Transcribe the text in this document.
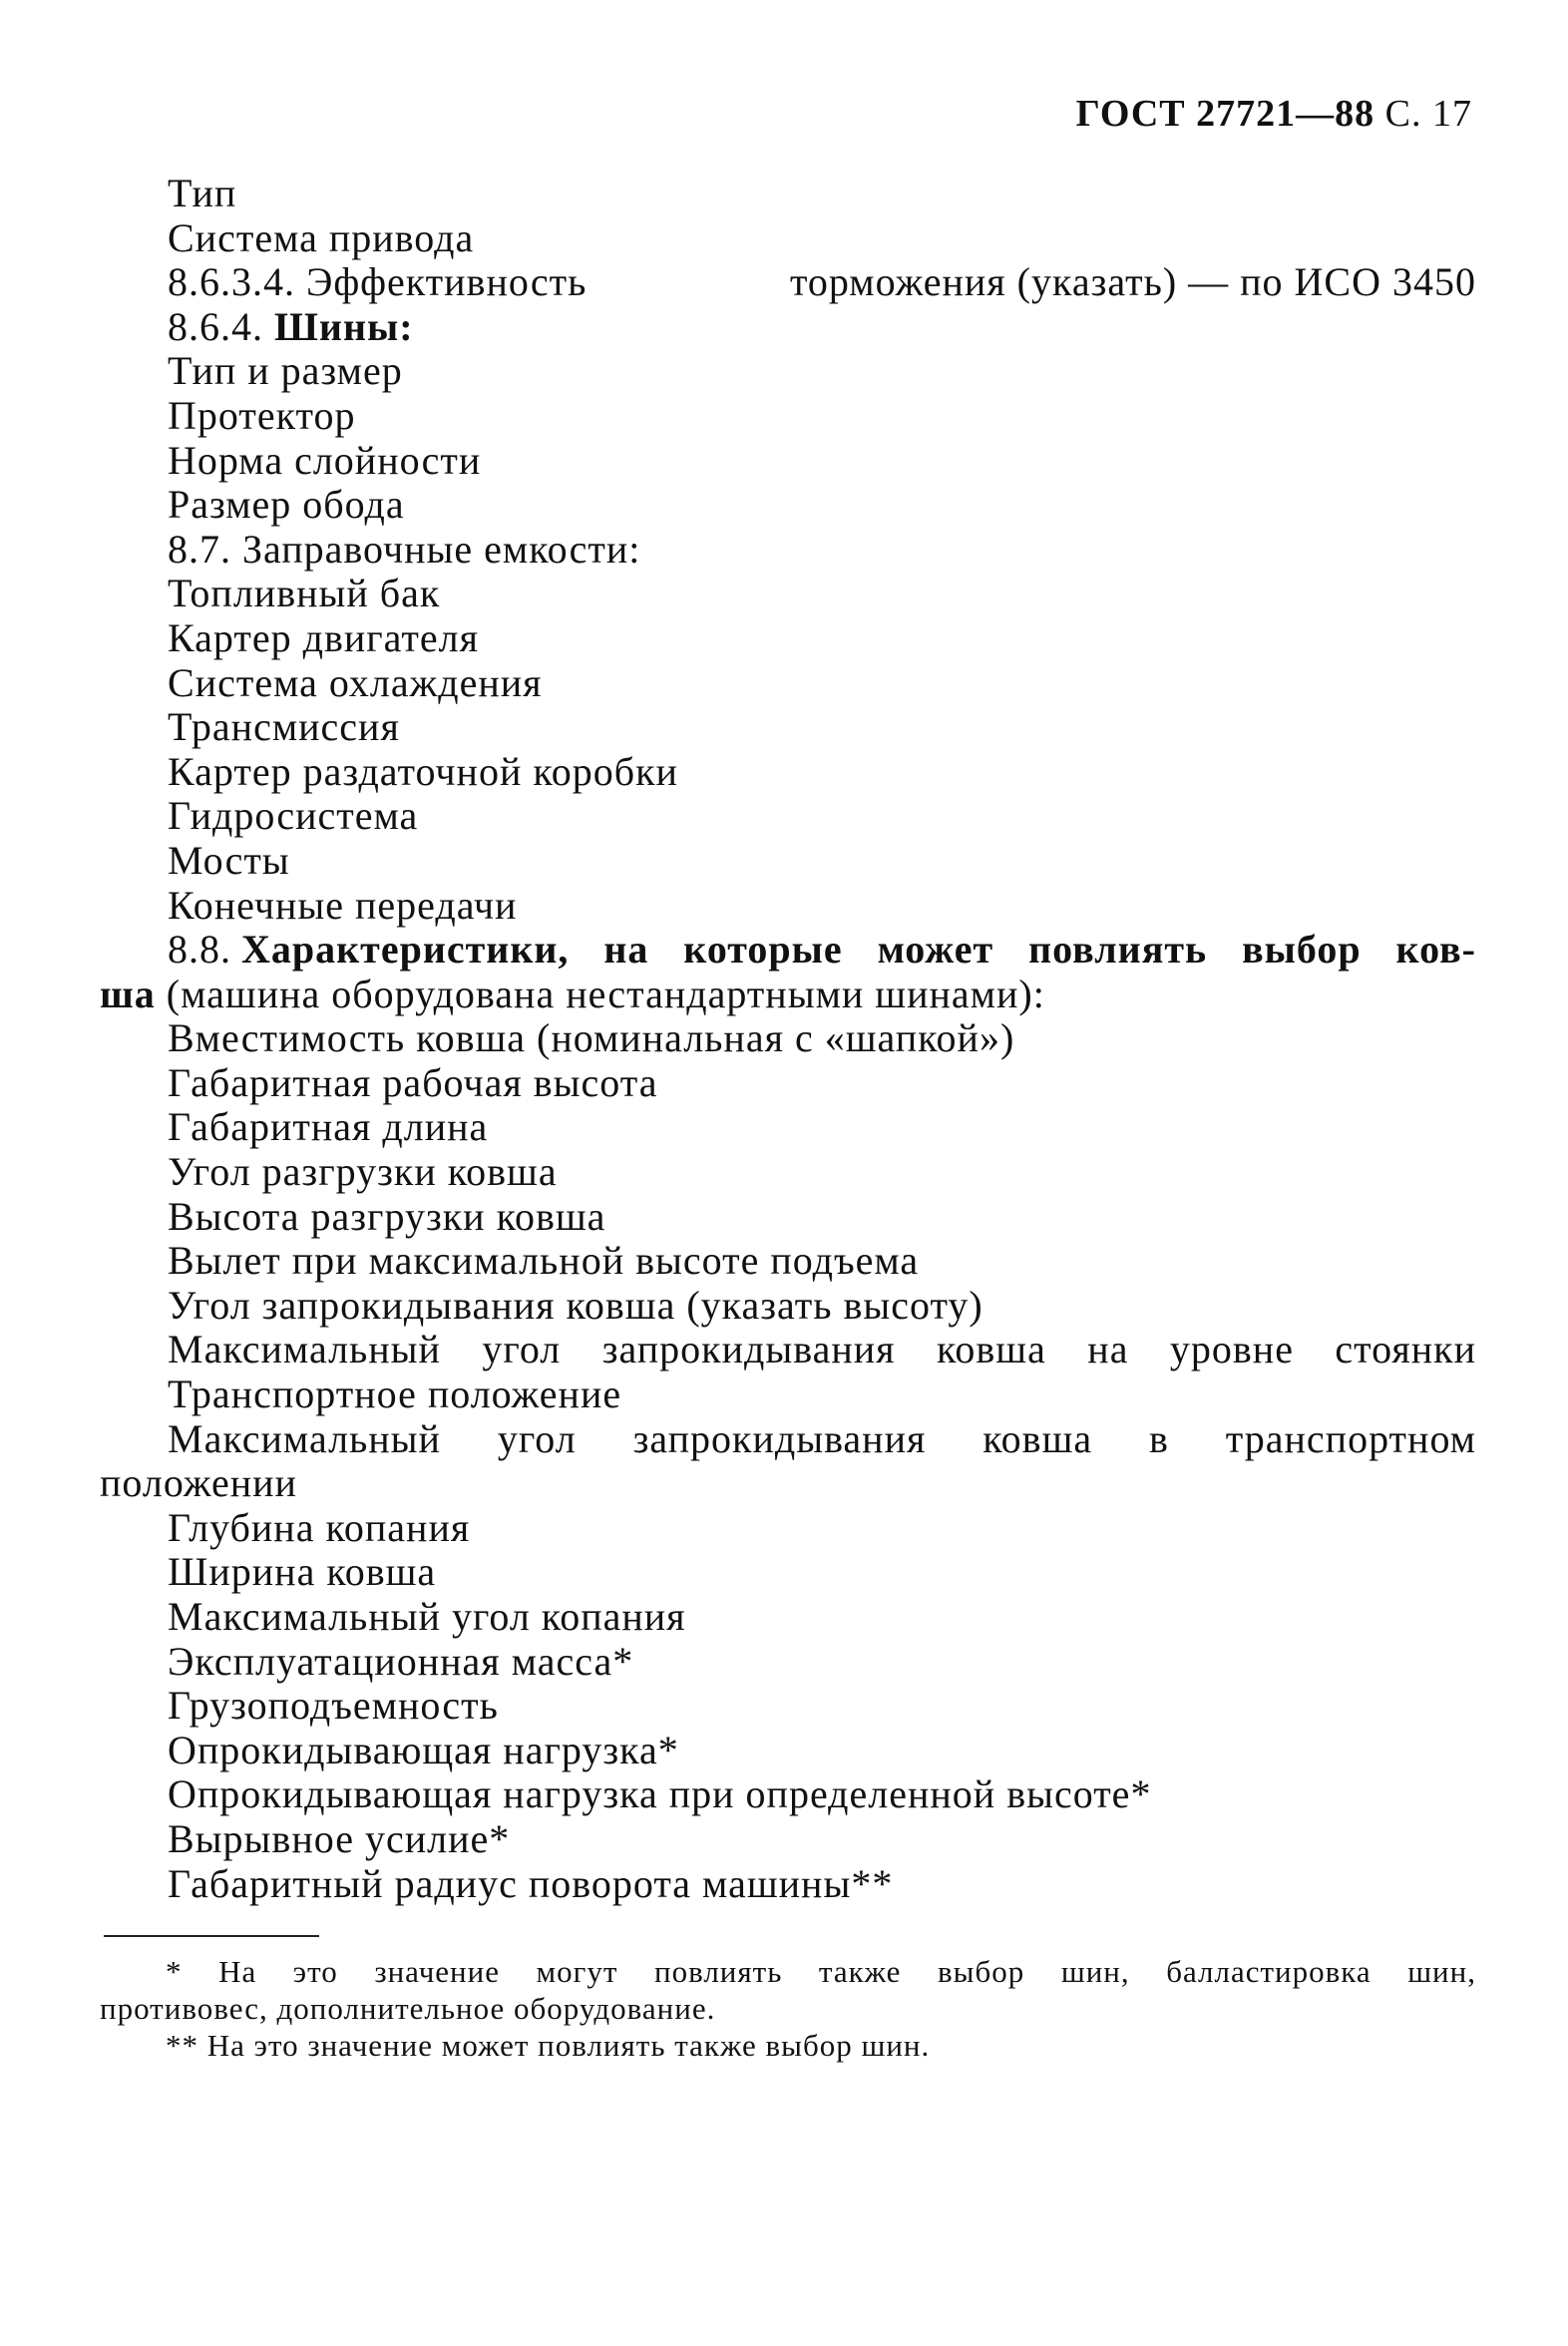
ГОСТ 27721—88 С. 17
Тип
Система привода
8.6.3.4. Эффективность	торможения (указать) — по ИСО 3450
8.6.4. Шины:
Тип и размер
Протектор
Норма слойности
Размер обода
8.7. Заправочные емкости:
Топливный бак
Картер двигателя
Система охлаждения
Трансмиссия
Картер раздаточной коробки
Гидросистема
Мосты
Конечные передачи
8.8. Характеристики, на которые может повлиять выбор ков-
ша (машина оборудована нестандартными шинами):
Вместимость ковша (номинальная с «шапкой»)
Габаритная рабочая высота
Габаритная длина
Угол разгрузки ковша
Высота разгрузки ковша
Вылет при максимальной высоте подъема
Угол запрокидывания ковша (указать высоту)
Максимальный угол запрокидывания ковша на уровне стоянки
Транспортное положение
Максимальный угол запрокидывания ковша в транспортном
положении
Глубина копания
Ширина ковша
Максимальный угол копания
Эксплуатационная масса*
Грузоподъемность
Опрокидывающая нагрузка*
Опрокидывающая нагрузка при определенной высоте*
Вырывное усилие*
Габаритный радиус поворота машины**
* На это значение могут повлиять также выбор шин, балластировка шин,
противовес, дополнительное оборудование.
** На это значение может повлиять также выбор шин.
